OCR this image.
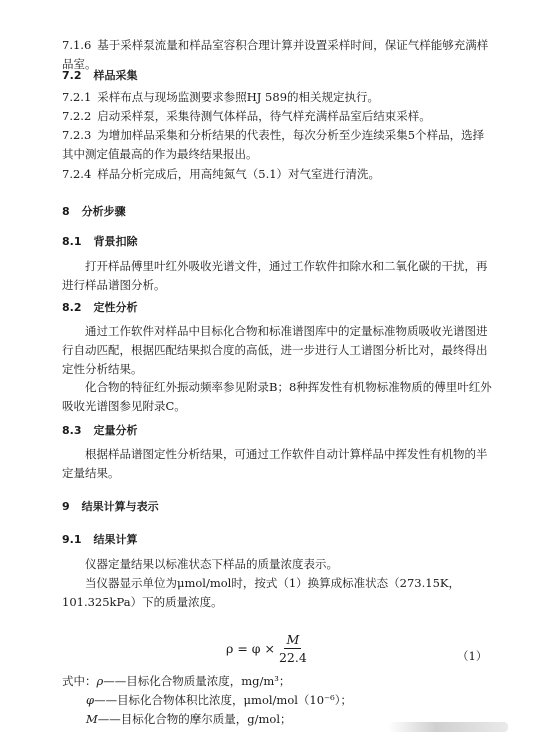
7.1.6 基于采样泵流量和样品室容积合理计算并设置采样时间，保证气样能够充满样品室。
7.2 样品采集
7.2.1 采样布点与现场监测要求参照HJ 589的相关规定执行。
7.2.2 启动采样泵，采集待测气体样品，待气样充满样品室后结束采样。
7.2.3 为增加样品采集和分析结果的代表性，每次分析至少连续采集5个样品，选择其中测定值最高的作为最终结果报出。
7.2.4 样品分析完成后，用高纯氮气（5.1）对气室进行清洗。
8 分析步骤
8.1 背景扣除
打开样品傅里叶红外吸收光谱文件，通过工作软件扣除水和二氧化碳的干扰，再进行样品谱图分析。
8.2 定性分析
通过工作软件对样品中目标化合物和标准谱图库中的定量标准物质吸收光谱图进行自动匹配，根据匹配结果拟合度的高低，进一步进行人工谱图分析比对，最终得出定性分析结果。
化合物的特征红外振动频率参见附录B；8种挥发性有机物标准物质的傅里叶红外吸收光谱图参见附录C。
8.3 定量分析
根据样品谱图定性分析结果，可通过工作软件自动计算样品中挥发性有机物的半定量结果。
9 结果计算与表示
9.1 结果计算
仪器定量结果以标准状态下样品的质量浓度表示。
当仪器显示单位为μmol/mol时，按式（1）换算成标准状态（273.15K，101.325kPa）下的质量浓度。
$\rho = \varphi \times \frac{M}{22.4}$	（1）
式中：ρ——目标化合物质量浓度，mg/m³；
φ——目标化合物体积比浓度，μmol/mol（10⁻⁶）；
M——目标化合物的摩尔质量，g/mol；
